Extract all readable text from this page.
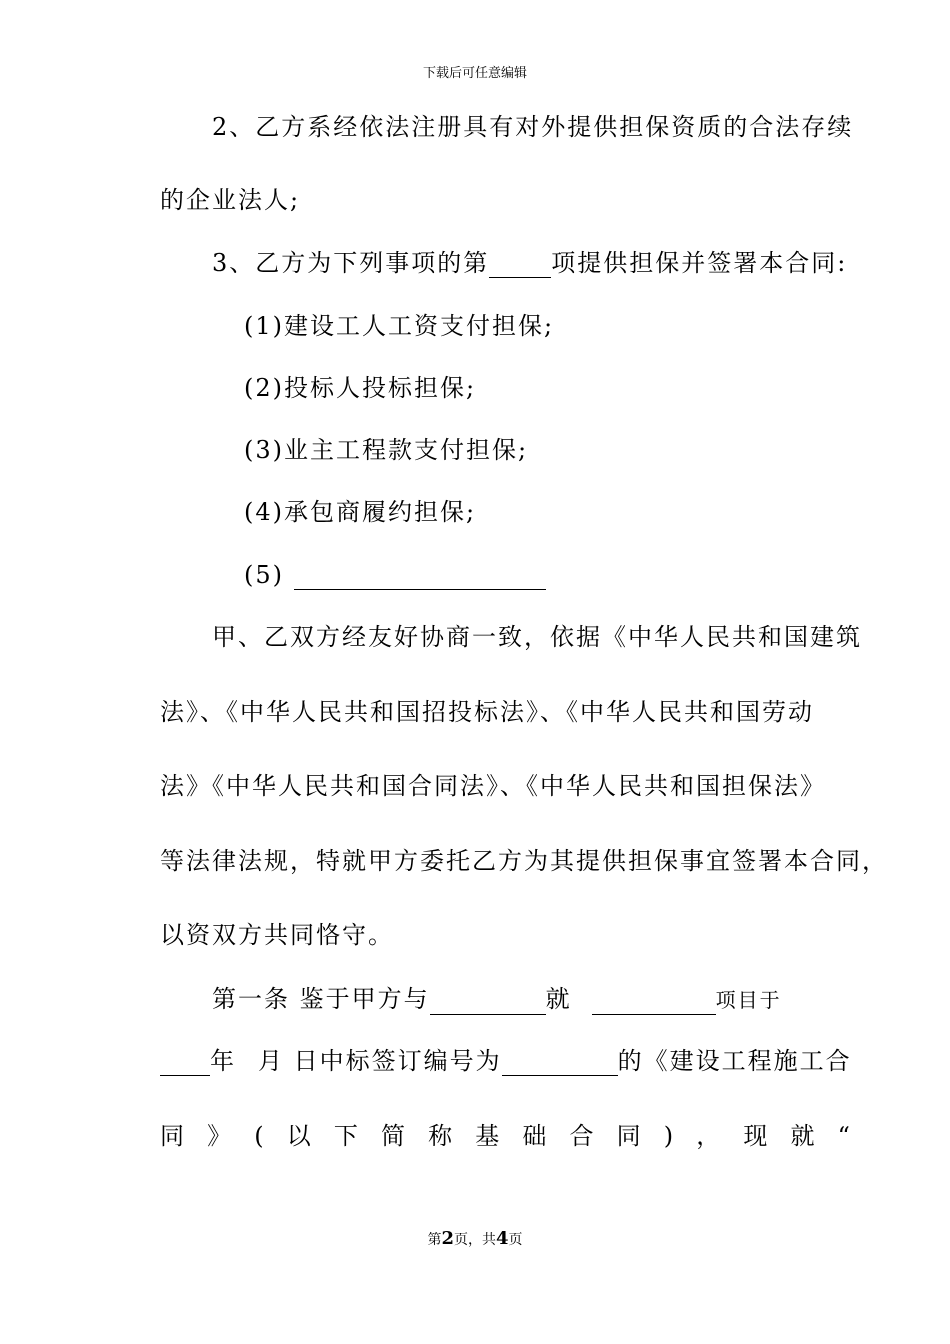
下载后可任意编辑
2、乙方系经依法注册具有对外提供担保资质的合法存续
的企业法人;
3、乙方为下列事项的第	项提供担保并签署本合同:
(1)建设工人工资支付担保;
(2)投标人投标担保;
(3)业主工程款支付担保;
(4)承包商履约担保;
(5)
甲、乙双方经友好协商一致，依据《中华人民共和国建筑
法》、《中华人民共和国招投标法》、《中华人民共和国劳动
法》《中华人民共和国合同法》、《中华人民共和国担保法》
等法律法规，特就甲方委托乙方为其提供担保事宜签署本合同，
以资双方共同恪守。
第一条 鉴于甲方与	就	项目于
年 月 日中标签订编号为	的《建设工程施工合
同 》 ( 以 下 简 称 基 础 合 同 ) ， 现 就 “
第2页，共4页
